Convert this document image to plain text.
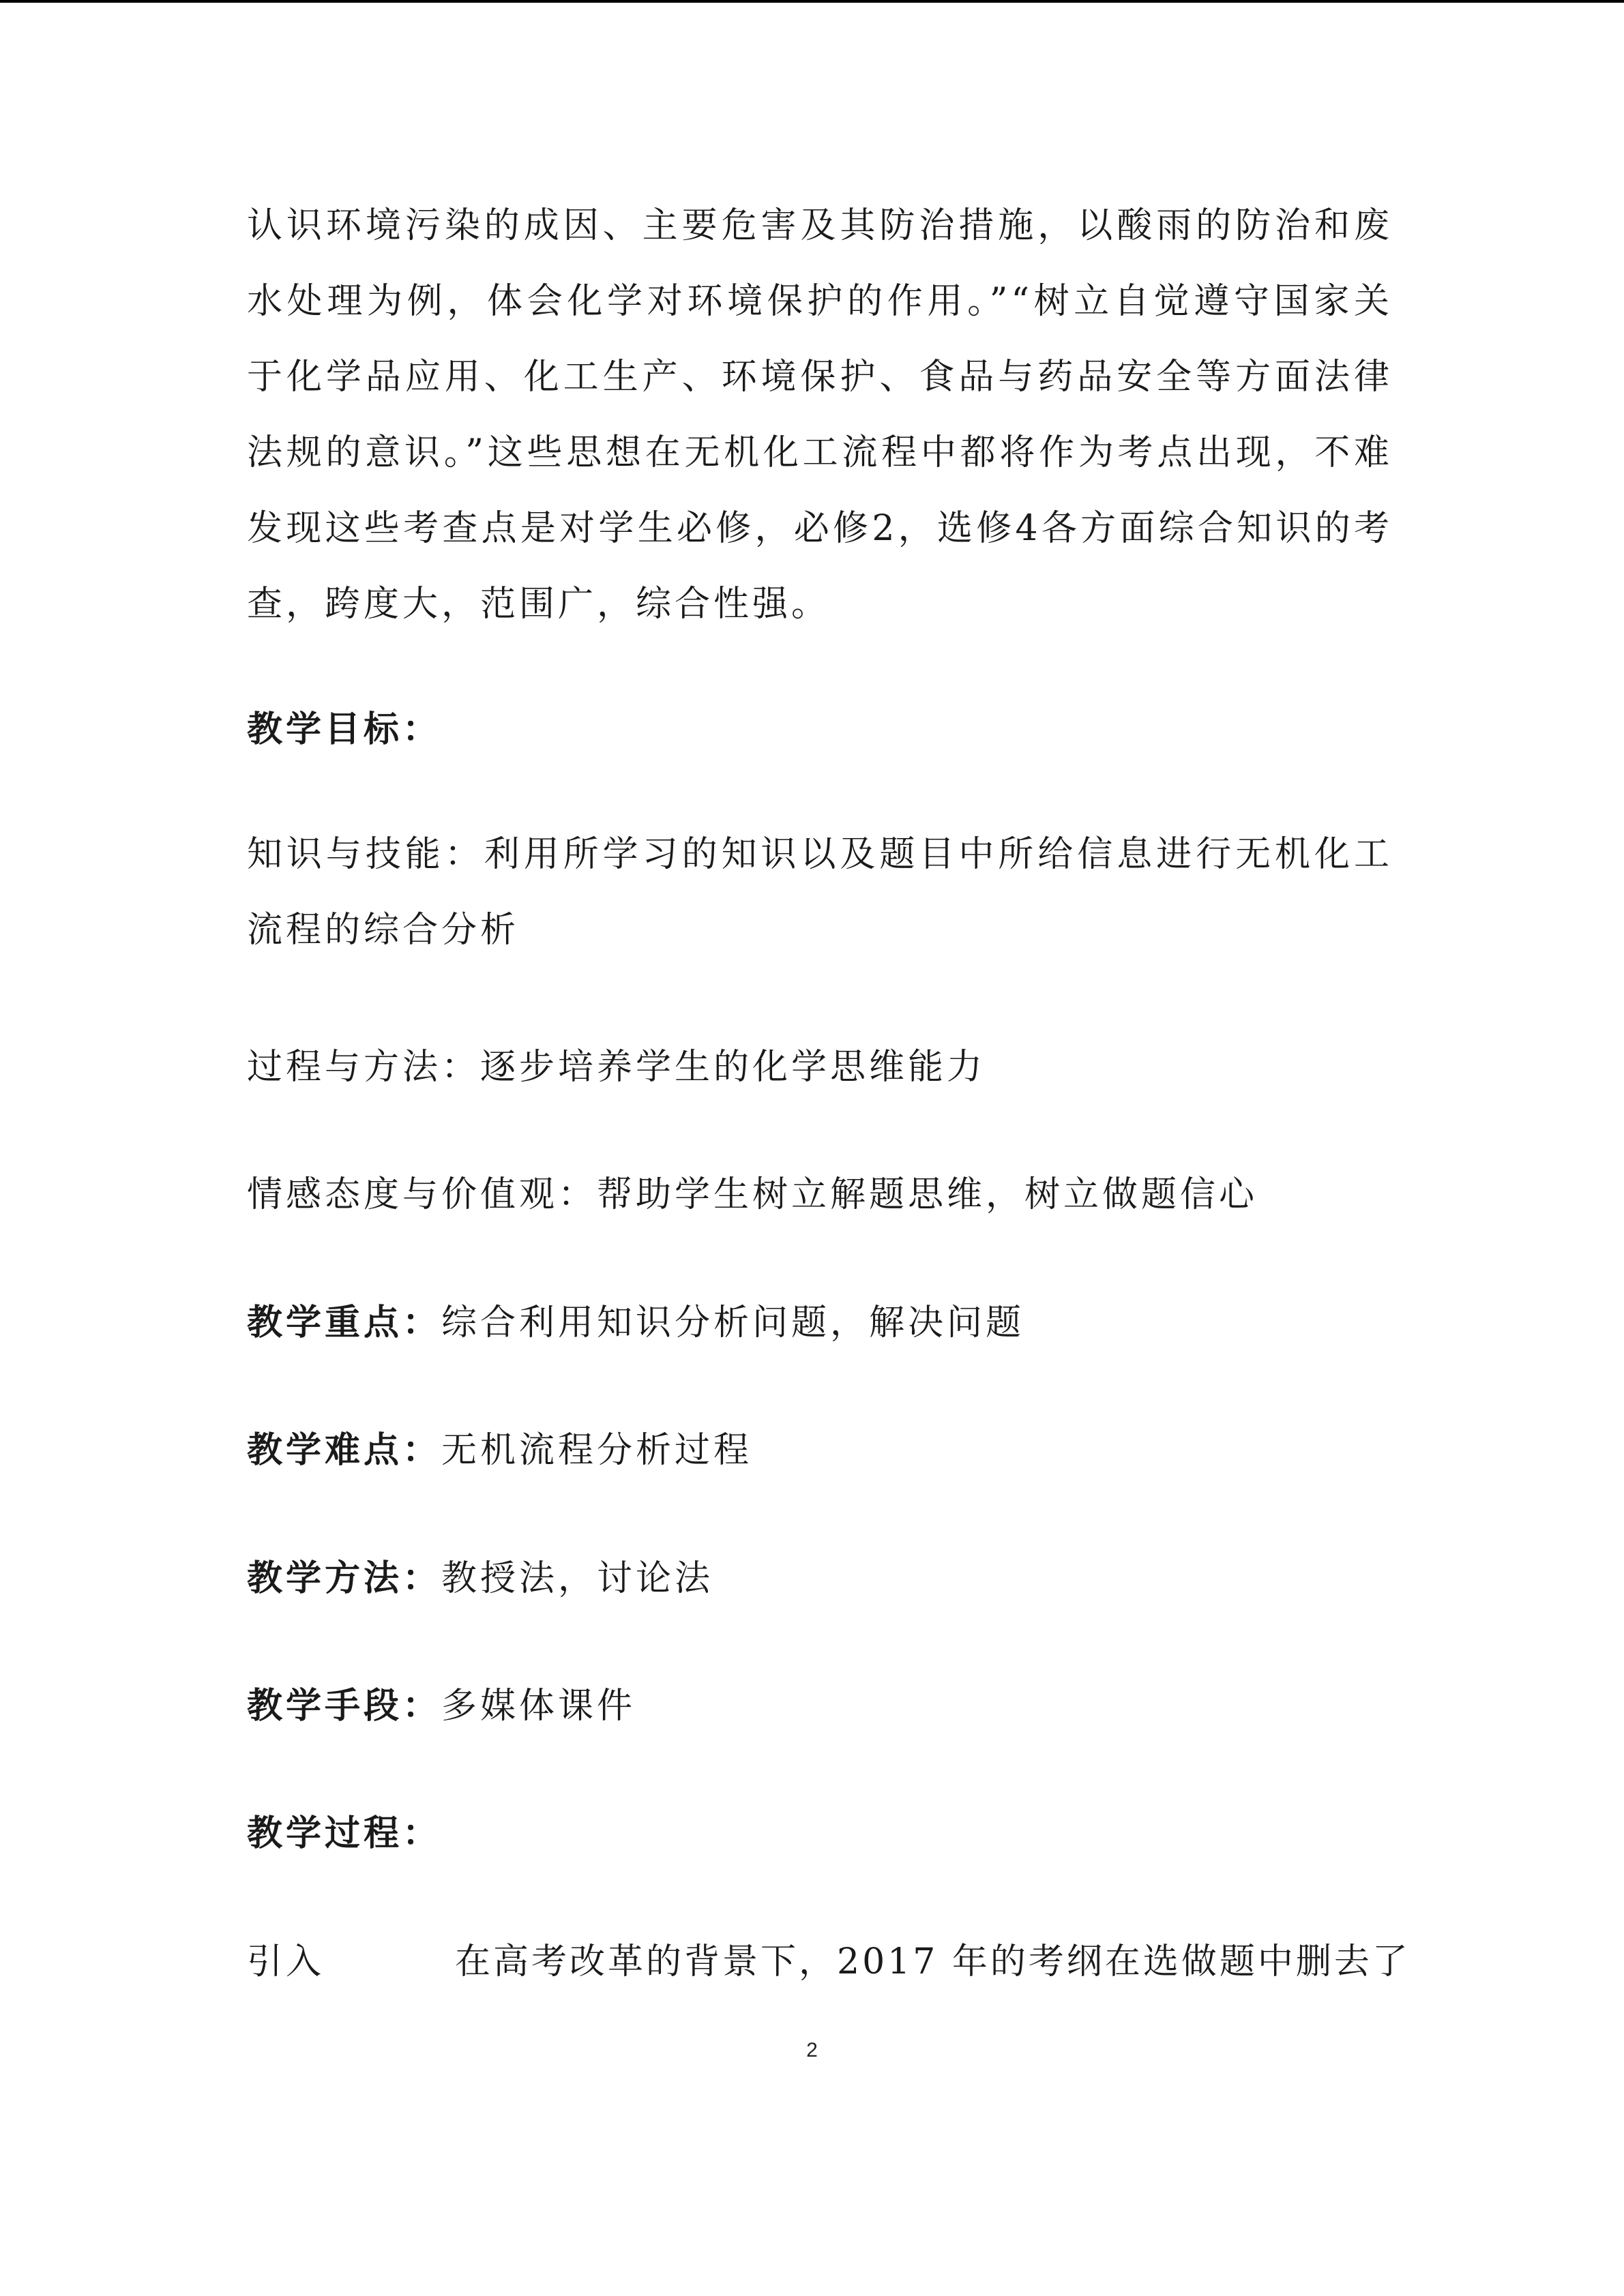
认识环境污染的成因、主要危害及其防治措施，以酸雨的防治和废水处理为例，体会化学对环境保护的作用。”“树立自觉遵守国家关于化学品应用、化工生产、环境保护、食品与药品安全等方面法律法规的意识。”这些思想在无机化工流程中都将作为考点出现，不难发现这些考查点是对学生必修，必修2，选修4各方面综合知识的考查，跨度大，范围广，综合性强。
教学目标：
知识与技能：利用所学习的知识以及题目中所给信息进行无机化工流程的综合分析
过程与方法：逐步培养学生的化学思维能力
情感态度与价值观：帮助学生树立解题思维，树立做题信心
教学重点：综合利用知识分析问题，解决问题
教学难点：无机流程分析过程
教学方法：教授法，讨论法
教学手段：多媒体课件
教学过程：
引入	在高考改革的背景下，2017 年的考纲在选做题中删去了
2
